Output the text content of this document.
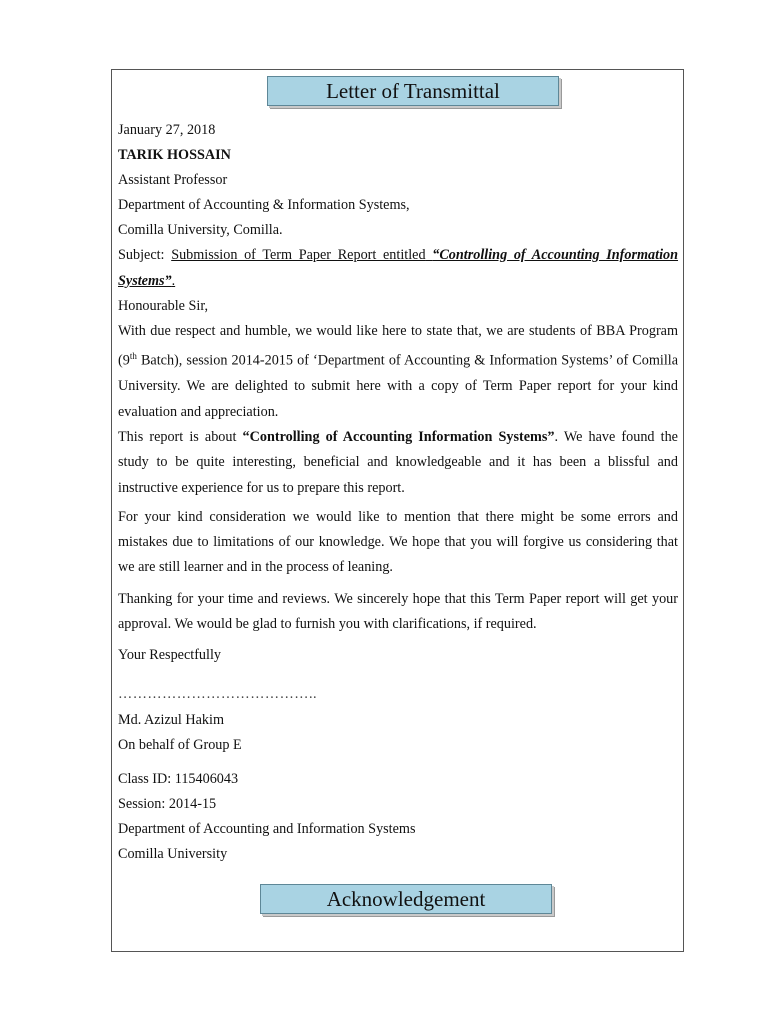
Letter of Transmittal

January 27, 2018

TARIK HOSSAIN

Assistant Professor

Department of Accounting & Information Systems,

Comilla University, Comilla.

Subject: Submission of Term Paper Report entitled “Controlling of Accounting Information Systems”.

Honourable Sir,

With due respect and humble, we would like here to state that, we are students of BBA Program (9th Batch), session 2014-2015 of ‘Department of Accounting & Information Systems’ of Comilla University. We are delighted to submit here with a copy of Term Paper report for your kind evaluation and appreciation.

This report is about “Controlling of Accounting Information Systems”. We have found the study to be quite interesting, beneficial and knowledgeable and it has been a blissful and instructive experience for us to prepare this report.

For your kind consideration we would like to mention that there might be some errors and mistakes due to limitations of our knowledge. We hope that you will forgive us considering that we are still learner and in the process of leaning.

Thanking for your time and reviews. We sincerely hope that this Term Paper report will get your approval. We would be glad to furnish you with clarifications, if required.

Your Respectfully

…………………………………..

Md. Azizul Hakim

On behalf of Group E

Class ID: 115406043

Session: 2014-15

Department of Accounting and Information Systems

Comilla University

Acknowledgement
